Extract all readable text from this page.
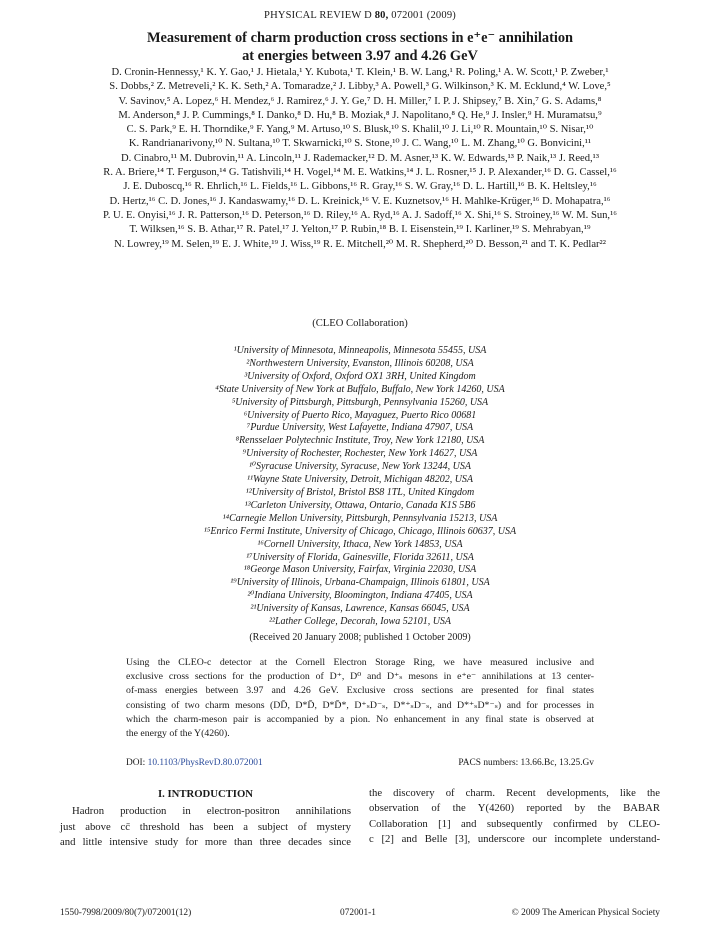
PHYSICAL REVIEW D 80, 072001 (2009)
Measurement of charm production cross sections in e⁺e⁻ annihilation
at energies between 3.97 and 4.26 GeV
D. Cronin-Hennessy,¹ K. Y. Gao,¹ J. Hietala,¹ Y. Kubota,¹ T. Klein,¹ B. W. Lang,¹ R. Poling,¹ A. W. Scott,¹ P. Zweber,¹
S. Dobbs,² Z. Metreveli,² K. K. Seth,² A. Tomaradze,² J. Libby,³ A. Powell,³ G. Wilkinson,³ K. M. Ecklund,⁴ W. Love,⁵
V. Savinov,⁵ A. Lopez,⁶ H. Mendez,⁶ J. Ramirez,⁶ J. Y. Ge,⁷ D. H. Miller,⁷ I. P. J. Shipsey,⁷ B. Xin,⁷ G. S. Adams,⁸
M. Anderson,⁸ J. P. Cummings,⁸ I. Danko,⁸ D. Hu,⁸ B. Moziak,⁸ J. Napolitano,⁸ Q. He,⁹ J. Insler,⁹ H. Muramatsu,⁹
C. S. Park,⁹ E. H. Thorndike,⁹ F. Yang,⁹ M. Artuso,¹⁰ S. Blusk,¹⁰ S. Khalil,¹⁰ J. Li,¹⁰ R. Mountain,¹⁰ S. Nisar,¹⁰
K. Randrianarivony,¹⁰ N. Sultana,¹⁰ T. Skwarnicki,¹⁰ S. Stone,¹⁰ J. C. Wang,¹⁰ L. M. Zhang,¹⁰ G. Bonvicini,¹¹
D. Cinabro,¹¹ M. Dubrovin,¹¹ A. Lincoln,¹¹ J. Rademacker,¹² D. M. Asner,¹³ K. W. Edwards,¹³ P. Naik,¹³ J. Reed,¹³
R. A. Briere,¹⁴ T. Ferguson,¹⁴ G. Tatishvili,¹⁴ H. Vogel,¹⁴ M. E. Watkins,¹⁴ J. L. Rosner,¹⁵ J. P. Alexander,¹⁶ D. G. Cassel,¹⁶
J. E. Duboscq,¹⁶ R. Ehrlich,¹⁶ L. Fields,¹⁶ L. Gibbons,¹⁶ R. Gray,¹⁶ S. W. Gray,¹⁶ D. L. Hartill,¹⁶ B. K. Heltsley,¹⁶
D. Hertz,¹⁶ C. D. Jones,¹⁶ J. Kandaswamy,¹⁶ D. L. Kreinick,¹⁶ V. E. Kuznetsov,¹⁶ H. Mahlke-Krüger,¹⁶ D. Mohapatra,¹⁶
P. U. E. Onyisi,¹⁶ J. R. Patterson,¹⁶ D. Peterson,¹⁶ D. Riley,¹⁶ A. Ryd,¹⁶ A. J. Sadoff,¹⁶ X. Shi,¹⁶ S. Stroiney,¹⁶ W. M. Sun,¹⁶
T. Wilksen,¹⁶ S. B. Athar,¹⁷ R. Patel,¹⁷ J. Yelton,¹⁷ P. Rubin,¹⁸ B. I. Eisenstein,¹⁹ I. Karliner,¹⁹ S. Mehrabyan,¹⁹
N. Lowrey,¹⁹ M. Selen,¹⁹ E. J. White,¹⁹ J. Wiss,¹⁹ R. E. Mitchell,²⁰ M. R. Shepherd,²⁰ D. Besson,²¹ and T. K. Pedlar²²
(CLEO Collaboration)
¹University of Minnesota, Minneapolis, Minnesota 55455, USA
²Northwestern University, Evanston, Illinois 60208, USA
³University of Oxford, Oxford OX1 3RH, United Kingdom
⁴State University of New York at Buffalo, Buffalo, New York 14260, USA
⁵University of Pittsburgh, Pittsburgh, Pennsylvania 15260, USA
⁶University of Puerto Rico, Mayaguez, Puerto Rico 00681
⁷Purdue University, West Lafayette, Indiana 47907, USA
⁸Rensselaer Polytechnic Institute, Troy, New York 12180, USA
⁹University of Rochester, Rochester, New York 14627, USA
¹⁰Syracuse University, Syracuse, New York 13244, USA
¹¹Wayne State University, Detroit, Michigan 48202, USA
¹²University of Bristol, Bristol BS8 1TL, United Kingdom
¹³Carleton University, Ottawa, Ontario, Canada K1S 5B6
¹⁴Carnegie Mellon University, Pittsburgh, Pennsylvania 15213, USA
¹⁵Enrico Fermi Institute, University of Chicago, Chicago, Illinois 60637, USA
¹⁶Cornell University, Ithaca, New York 14853, USA
¹⁷University of Florida, Gainesville, Florida 32611, USA
¹⁸George Mason University, Fairfax, Virginia 22030, USA
¹⁹University of Illinois, Urbana-Champaign, Illinois 61801, USA
²⁰Indiana University, Bloomington, Indiana 47405, USA
²¹University of Kansas, Lawrence, Kansas 66045, USA
²²Lather College, Decorah, Iowa 52101, USA
(Received 20 January 2008; published 1 October 2009)
Using the CLEO-c detector at the Cornell Electron Storage Ring, we have measured inclusive and
exclusive cross sections for the production of D⁺, D⁰ and D⁺ₛ mesons in e⁺e⁻ annihilations at 13 center-
of-mass energies between 3.97 and 4.26 GeV. Exclusive cross sections are presented for final states
consisting of two charm mesons (DD̄, D*D̄, D*D̄*, D⁺ₛD⁻ₛ, D*⁺ₛD⁻ₛ, and D*⁺ₛD*⁻ₛ) and for processes in
which the charm-meson pair is accompanied by a pion. No enhancement in any final state is observed at
the energy of the Y(4260).
DOI: 10.1103/PhysRevD.80.072001	PACS numbers: 13.66.Bc, 13.25.Gv
I. INTRODUCTION
Hadron production in electron-positron annihilations
just above cc̄ threshold has been a subject of mystery
and little intensive study for more than three decades since
the discovery of charm. Recent developments, like the
observation of the Y(4260) reported by the BABAR
Collaboration [1] and subsequently confirmed by CLEO-
c [2] and Belle [3], underscore our incomplete understand-
1550-7998/2009/80(7)/072001(12)	072001-1	© 2009 The American Physical Society
